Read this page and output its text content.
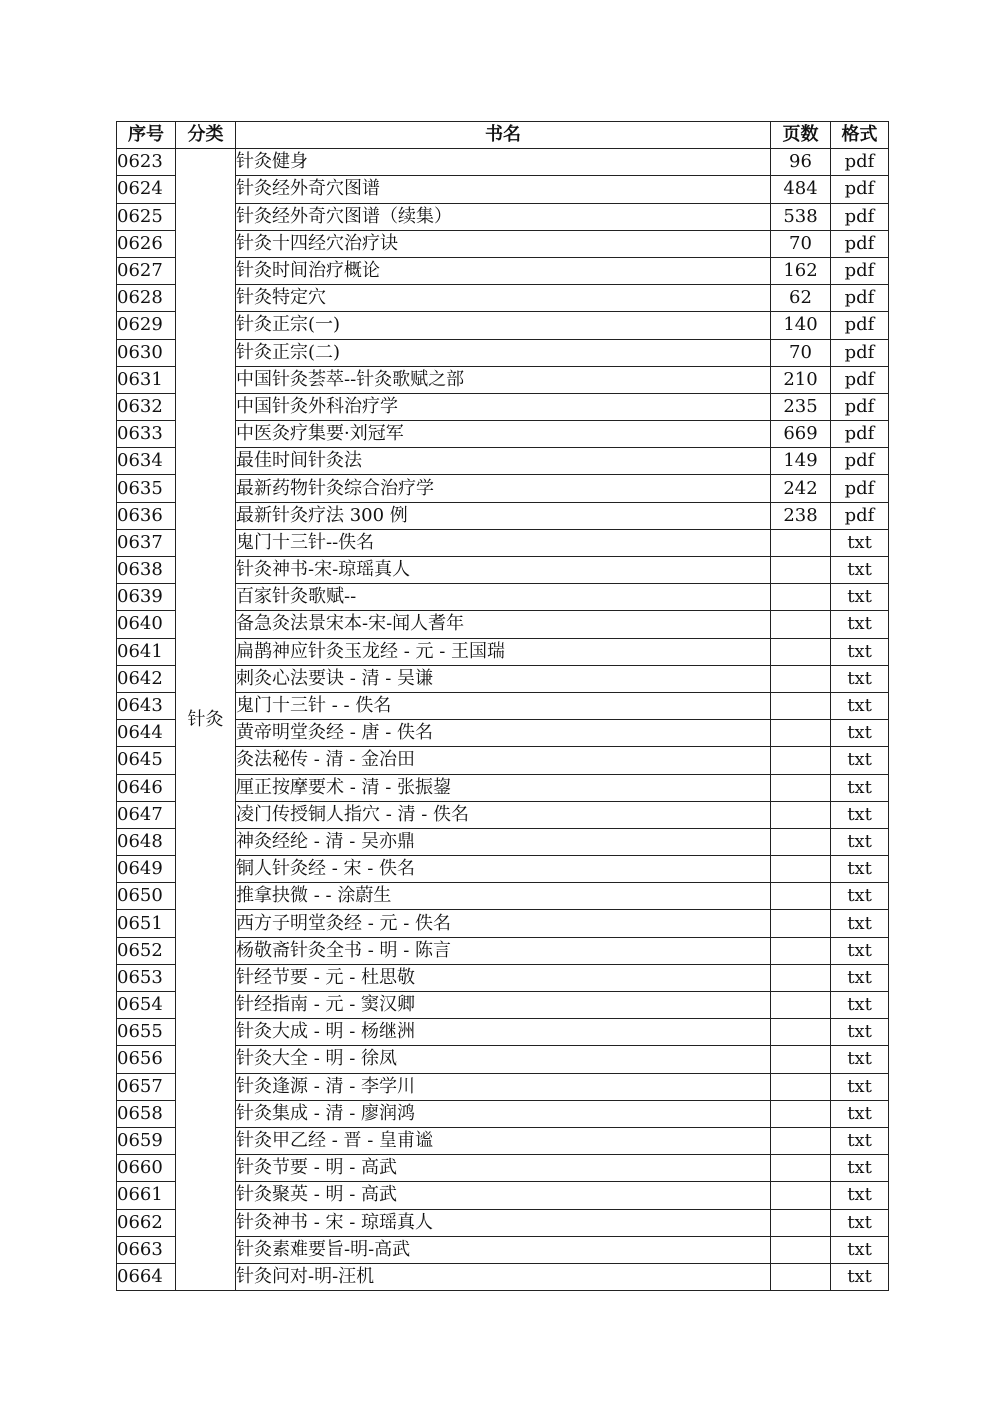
序号	分类	书名	页数	格式
0623	针灸	针灸健身	96	pdf
0624		针灸经外奇穴图谱	484	pdf
0625		针灸经外奇穴图谱（续集）	538	pdf
0626		针灸十四经穴治疗诀	70	pdf
0627		针灸时间治疗概论	162	pdf
0628		针灸特定穴	62	pdf
0629		针灸正宗(一)	140	pdf
0630		针灸正宗(二)	70	pdf
0631		中国针灸荟萃--针灸歌赋之部	210	pdf
0632		中国针灸外科治疗学	235	pdf
0633		中医灸疗集要·刘冠军	669	pdf
0634		最佳时间针灸法	149	pdf
0635		最新药物针灸综合治疗学	242	pdf
0636		最新针灸疗法 300 例	238	pdf
0637		鬼门十三针--佚名		txt
0638		针灸神书-宋-琼瑶真人		txt
0639		百家针灸歌赋--		txt
0640		备急灸法景宋本-宋-闻人耆年		txt
0641		扁鹊神应针灸玉龙经 - 元 - 王国瑞		txt
0642		刺灸心法要诀 - 清 - 吴谦		txt
0643		鬼门十三针 - - 佚名		txt
0644		黄帝明堂灸经 - 唐 - 佚名		txt
0645		灸法秘传 - 清 - 金冶田		txt
0646		厘正按摩要术 - 清 - 张振鋆		txt
0647		凌门传授铜人指穴 - 清 - 佚名		txt
0648		神灸经纶 - 清 - 吴亦鼎		txt
0649		铜人针灸经 - 宋 - 佚名		txt
0650		推拿抉微 - - 涂蔚生		txt
0651		西方子明堂灸经 - 元 - 佚名		txt
0652		杨敬斋针灸全书 - 明 - 陈言		txt
0653		针经节要 - 元 - 杜思敬		txt
0654		针经指南 - 元 - 窦汉卿		txt
0655		针灸大成 - 明 - 杨继洲		txt
0656		针灸大全 - 明 - 徐凤		txt
0657		针灸逢源 - 清 - 李学川		txt
0658		针灸集成 - 清 - 廖润鸿		txt
0659		针灸甲乙经 - 晋 - 皇甫谧		txt
0660		针灸节要 - 明 - 高武		txt
0661		针灸聚英 - 明 - 高武		txt
0662		针灸神书 - 宋 - 琼瑶真人		txt
0663		针灸素难要旨-明-高武		txt
0664		针灸问对-明-汪机		txt
